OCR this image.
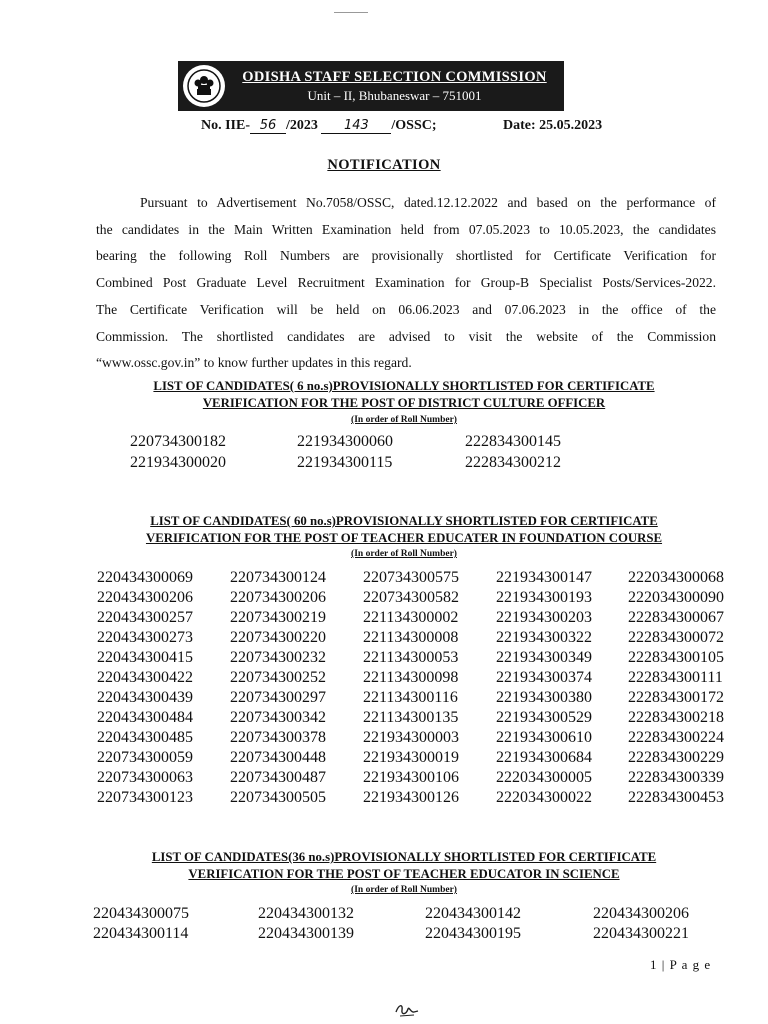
ODISHA STAFF SELECTION COMMISSION
Unit – II, Bhubaneswar – 751001
No. IIE- 56 /2023 143 /OSSC;	Date: 25.05.2023
NOTIFICATION
Pursuant to Advertisement No.7058/OSSC, dated.12.12.2022 and based on the performance of
the candidates in the Main Written Examination held from 07.05.2023 to 10.05.2023, the candidates
bearing the following Roll Numbers are provisionally shortlisted for Certificate Verification for
Combined Post Graduate Level Recruitment Examination for Group-B Specialist Posts/Services-2022.
The Certificate Verification will be held on 06.06.2023 and 07.06.2023 in the office of the
Commission. The shortlisted candidates are advised to visit the website of the Commission
“www.ossc.gov.in” to know further updates in this regard.
LIST OF CANDIDATES( 6 no.s)PROVISIONALLY SHORTLISTED FOR CERTIFICATE
VERIFICATION FOR THE POST OF DISTRICT CULTURE OFFICER
(In order of Roll Number)
LIST OF CANDIDATES( 60 no.s)PROVISIONALLY SHORTLISTED FOR CERTIFICATE
VERIFICATION FOR THE POST OF TEACHER EDUCATER IN FOUNDATION COURSE
(In order of Roll Number)
LIST OF CANDIDATES(36 no.s)PROVISIONALLY SHORTLISTED FOR CERTIFICATE
VERIFICATION FOR THE POST OF TEACHER EDUCATOR IN SCIENCE
(In order of Roll Number)
1 | P a g e
220734300182
221934300020
221934300060
221934300115
222834300145
222834300212
220434300069
220434300206
220434300257
220434300273
220434300415
220434300422
220434300439
220434300484
220434300485
220734300059
220734300063
220734300123
220734300124
220734300206
220734300219
220734300220
220734300232
220734300252
220734300297
220734300342
220734300378
220734300448
220734300487
220734300505
220734300575
220734300582
221134300002
221134300008
221134300053
221134300098
221134300116
221134300135
221934300003
221934300019
221934300106
221934300126
221934300147
221934300193
221934300203
221934300322
221934300349
221934300374
221934300380
221934300529
221934300610
221934300684
222034300005
222034300022
222034300068
222034300090
222834300067
222834300072
222834300105
222834300111
222834300172
222834300218
222834300224
222834300229
222834300339
222834300453
220434300075
220434300114
220434300132
220434300139
220434300142
220434300195
220434300206
220434300221
